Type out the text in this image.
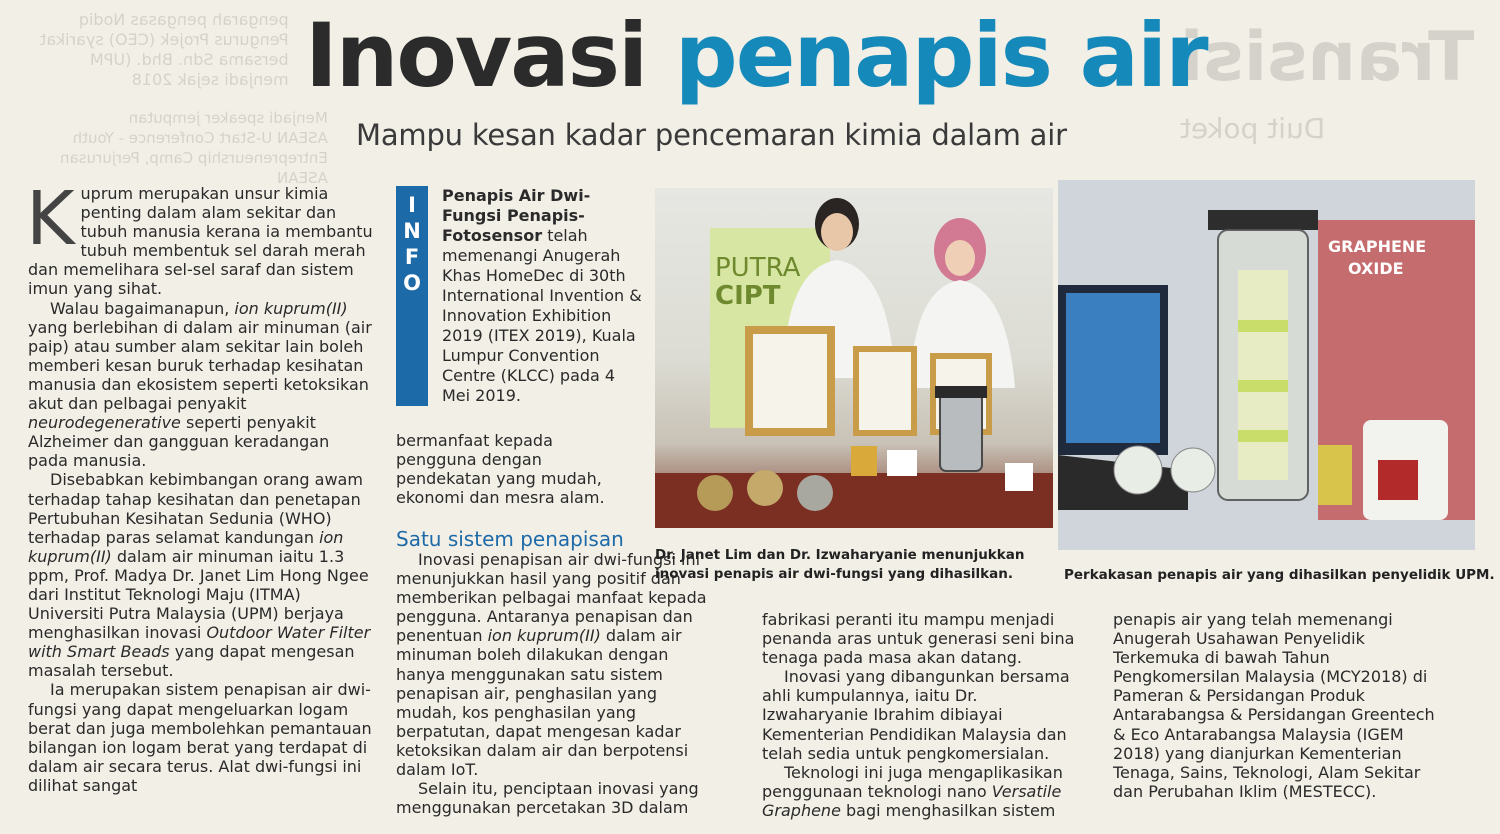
Transisi
Duit poket
pengarah pengasas Nodiq
Pengurus Projek (CEO) syarikat
bersama Sdn. Bhd. (UPM
menjadi sejak 2018
Menjadi speaker jemputan
ASEAN U-Start Conference - Youth
Entrepreneurship Camp, Perjurusan
ASEAN
Inovasi penapis air
Mampu kesan kadar pencemaran kimia dalam air

Kuprum merupakan unsur kimia penting dalam alam sekitar dan tubuh manusia kerana ia membantu tubuh membentuk sel darah merah dan memelihara sel-sel saraf dan sistem imun yang sihat.

Walau bagaimanapun, ion kuprum(II) yang berlebihan di dalam air minuman (air paip) atau sumber alam sekitar lain boleh memberi kesan buruk terhadap kesihatan manusia dan ekosistem seperti ketoksikan akut dan pelbagai penyakit neurodegenerative seperti penyakit Alzheimer dan gangguan keradangan pada manusia.

Disebabkan kebimbangan orang awam terhadap tahap kesihatan dan penetapan Pertubuhan Kesihatan Sedunia (WHO) terhadap paras selamat kandungan ion kuprum(II) dalam air minuman iaitu 1.3 ppm, Prof. Madya Dr. Janet Lim Hong Ngee dari Institut Teknologi Maju (ITMA) Universiti Putra Malaysia (UPM) berjaya menghasilkan inovasi Outdoor Water Filter with Smart Beads yang dapat mengesan masalah tersebut.

Ia merupakan sistem penapisan air dwi-fungsi yang dapat mengeluarkan logam berat dan juga membolehkan pemantauan bilangan ion logam berat yang terdapat di dalam air secara terus. Alat dwi-fungsi ini dilihat sangat

I
N
F
O
Penapis Air Dwi-Fungsi Penapis-Fotosensor telah memenangi Anugerah Khas HomeDec di 30th International Invention & Innovation Exhibition 2019 (ITEX 2019), Kuala Lumpur Convention Centre (KLCC) pada 4 Mei 2019.

bermanfaat kepada pengguna dengan pendekatan yang mudah, ekonomi dan mesra alam.

Satu sistem penapisan

Inovasi penapisan air dwi-fungsi ini menunjukkan hasil yang positif dan memberikan pelbagai manfaat kepada pengguna. Antaranya penapisan dan penentuan ion kuprum(II) dalam air minuman boleh dilakukan dengan hanya menggunakan satu sistem penapisan air, penghasilan yang mudah, kos penghasilan yang berpatutan, dapat mengesan kadar ketoksikan dalam air dan berpotensi dalam IoT.

Selain itu, penciptaan inovasi yang menggunakan percetakan 3D dalam

fabrikasi peranti itu mampu menjadi penanda aras untuk generasi seni bina tenaga pada masa akan datang.

Inovasi yang dibangunkan bersama ahli kumpulannya, iaitu Dr. Izwaharyanie Ibrahim dibiayai Kementerian Pendidikan Malaysia dan telah sedia untuk pengkomersialan.

Teknologi ini juga mengaplikasikan penggunaan teknologi nano Versatile Graphene bagi menghasilkan sistem

penapis air yang telah memenangi Anugerah Usahawan Penyelidik Terkemuka di bawah Tahun Pengkomersilan Malaysia (MCY2018) di Pameran & Persidangan Produk Antarabangsa & Persidangan Greentech & Eco Antarabangsa Malaysia (IGEM 2018) yang dianjurkan Kementerian Tenaga, Sains, Teknologi, Alam Sekitar dan Perubahan Iklim (MESTECC).

PUTRA
CIPT
Dr. Janet Lim dan Dr. Izwaharyanie menunjukkan
inovasi penapis air dwi-fungsi yang dihasilkan.
GRAPHENE
OXIDE
Perkakasan penapis air yang dihasilkan penyelidik UPM.
